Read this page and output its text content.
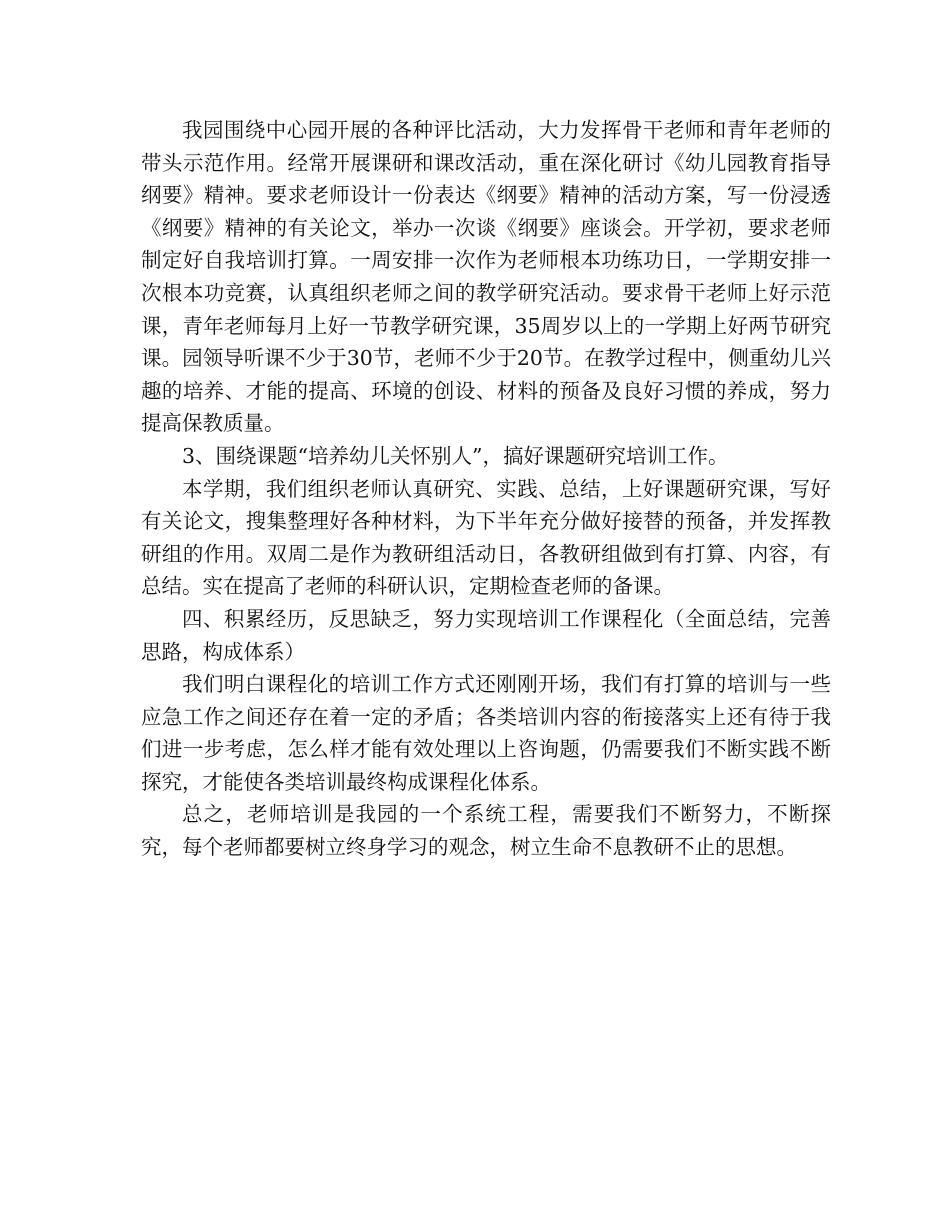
我园围绕中心园开展的各种评比活动，大力发挥骨干老师和青年老师的带头示范作用。经常开展课研和课改活动，重在深化研讨《幼儿园教育指导纲要》精神。要求老师设计一份表达《纲要》精神的活动方案，写一份浸透《纲要》精神的有关论文，举办一次谈《纲要》座谈会。开学初，要求老师制定好自我培训打算。一周安排一次作为老师根本功练功日，一学期安排一次根本功竞赛，认真组织老师之间的教学研究活动。要求骨干老师上好示范课，青年老师每月上好一节教学研究课，35周岁以上的一学期上好两节研究课。园领导听课不少于30节，老师不少于20节。在教学过程中，侧重幼儿兴趣的培养、才能的提高、环境的创设、材料的预备及良好习惯的养成，努力提高保教质量。

3、围绕课题“培养幼儿关怀别人”，搞好课题研究培训工作。

本学期，我们组织老师认真研究、实践、总结，上好课题研究课，写好有关论文，搜集整理好各种材料，为下半年充分做好接替的预备，并发挥教研组的作用。双周二是作为教研组活动日，各教研组做到有打算、内容，有总结。实在提高了老师的科研认识，定期检查老师的备课。

四、积累经历，反思缺乏，努力实现培训工作课程化（全面总结，完善思路，构成体系）

我们明白课程化的培训工作方式还刚刚开场，我们有打算的培训与一些应急工作之间还存在着一定的矛盾；各类培训内容的衔接落实上还有待于我们进一步考虑，怎么样才能有效处理以上咨询题，仍需要我们不断实践不断探究，才能使各类培训最终构成课程化体系。

总之，老师培训是我园的一个系统工程，需要我们不断努力，不断探究，每个老师都要树立终身学习的观念，树立生命不息教研不止的思想。
